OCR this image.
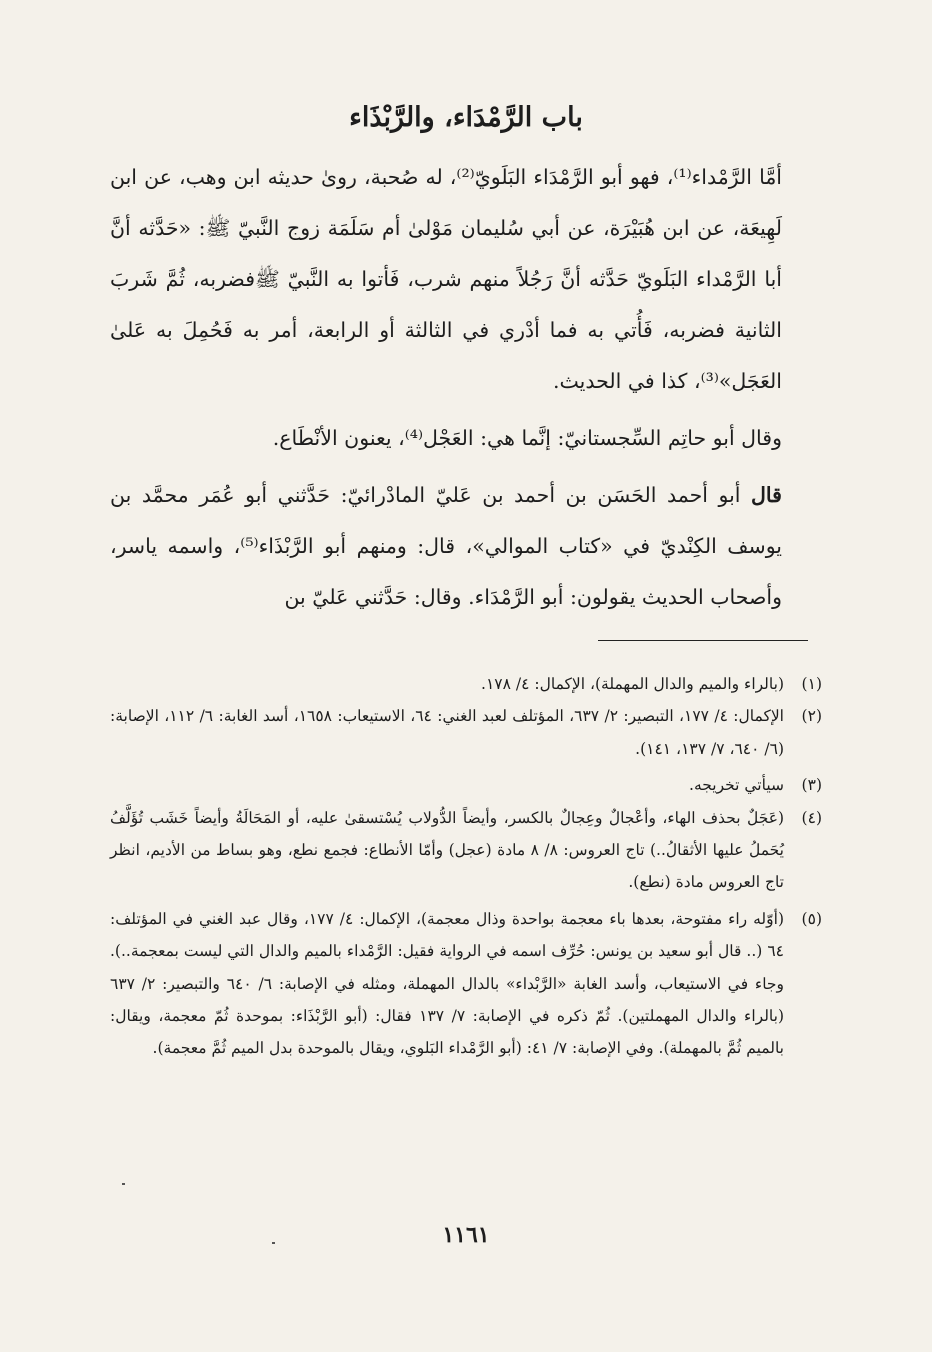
باب الرَّمْدَاء، والرَّبْذَاء

أمَّا الرَّمْداء⁽¹⁾، فهو أبو الرَّمْدَاء البَلَويّ⁽²⁾، له صُحبة، روىٰ حديثه ابن وهب، عن ابن لَهِيعَة، عن ابن هُبَيْرَة، عن أبي سُليمان مَوْلىٰ أم سَلَمَة زوج النَّبيّ ﷺ: «حَدَّثه أنَّ أبا الرَّمْداء البَلَويّ حَدَّثه أنَّ رَجُلاً منهم شرب، فَأتوا به النَّبيّ ﷺفضربه، ثُمَّ شَربَ الثانية فضربه، فَأُتي به فما أدْري في الثالثة أو الرابعة، أمر به فَحُمِلَ به عَلىٰ العَجَل»⁽³⁾، كذا في الحديث.

وقال أبو حاتِم السِّجستانيّ: إنَّما هي: العَجْل⁽⁴⁾، يعنون الأنْطَاع.

قال أبو أحمد الحَسَن بن أحمد بن عَليّ المادْرائيّ: حَدَّثني أبو عُمَر محمَّد بن يوسف الكِنْديّ في «كتاب الموالي»، قال: ومنهم أبو الرَّبْذَاء⁽⁵⁾، واسمه ياسر، وأصحاب الحديث يقولون: أبو الرَّمْدَاء. وقال: حَدَّثني عَليّ بن

(١)
(بالراء والميم والدال المهملة)، الإكمال: ٤/ ١٧٨.

(٢)
الإكمال: ٤/ ١٧٧، التبصير: ٢/ ٦٣٧، المؤتلف لعبد الغني: ٦٤، الاستيعاب: ١٦٥٨، أسد الغابة: ٦/ ١١٢، الإصابة: (٦/ ٦٤٠، ٧/ ١٣٧، ١٤١).

(٣)
سيأتي تخريجه.

(٤)
(عَجَلٌ بحذف الهاء، وأعْجالٌ وعِجالٌ بالكسر، وأيضاً الدُّولاب يُسْتسقىٰ عليه، أو المَحَالَةُ وأيضاً خَشَب تُؤَلَّفُ يُحَملُ عليها الأثقالُ..) تاج العروس: ٨/ ٨ مادة (عجل) وأمّا الأنطاع: فجمع نطع، وهو بساط من الأديم، انظر تاج العروس مادة (نطع).

(٥)
(أوّله راء مفتوحة، بعدها باء معجمة بواحدة وذال معجمة)، الإكمال: ٤/ ١٧٧، وقال عبد الغني في المؤتلف: ٦٤ (.. قال أبو سعيد بن يونس: حُرِّف اسمه في الرواية فقيل: الرَّمْداء بالميم والدال التي ليست بمعجمة..). وجاء في الاستيعاب، وأسد الغابة «الرَّبْداء» بالدال المهملة، ومثله في الإصابة: ٦/ ٦٤٠ والتبصير: ٢/ ٦٣٧ (بالراء والدال المهملتين). ثُمّ ذكره في الإصابة: ٧/ ١٣٧ فقال: (أبو الرَّبْذَاء: بموحدة ثُمّ معجمة، ويقال: بالميم ثُمَّ بالمهملة). وفي الإصابة: ٧/ ٤١: (أبو الرَّمْداء البَلوي، ويقال بالموحدة بدل الميم ثُمَّ معجمة).

١١٦١
